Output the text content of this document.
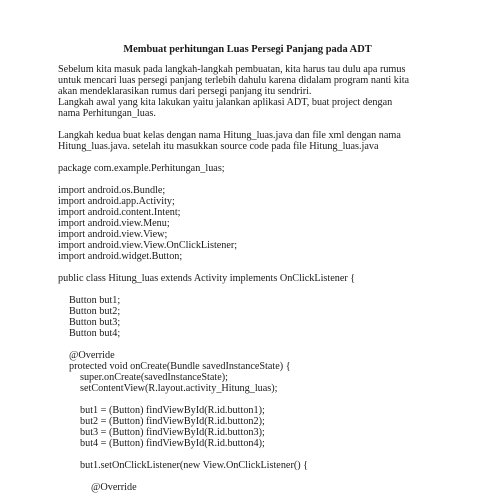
Membuat perhitungan Luas Persegi Panjang pada ADT
Sebelum kita masuk pada langkah-langkah pembuatan, kita harus tau dulu apa rumus
untuk mencari luas persegi panjang terlebih dahulu karena didalam program nanti kita
akan mendeklarasikan rumus dari persegi panjang itu sendriri.
Langkah awal yang kita lakukan yaitu jalankan aplikasi ADT, buat project dengan
nama Perhitungan_luas.
Langkah kedua buat kelas dengan nama Hitung_luas.java dan file xml dengan nama
Hitung_luas.java. setelah itu masukkan source code pada file Hitung_luas.java
package com.example.Perhitungan_luas;
import android.os.Bundle;
import android.app.Activity;
import android.content.Intent;
import android.view.Menu;
import android.view.View;
import android.view.View.OnClickListener;
import android.widget.Button;
public class Hitung_luas extends Activity implements OnClickListener {
Button but1;
Button but2;
Button but3;
Button but4;
@Override
protected void onCreate(Bundle savedInstanceState) {
super.onCreate(savedInstanceState);
setContentView(R.layout.activity_Hitung_luas);
but1 = (Button) findViewById(R.id.button1);
but2 = (Button) findViewById(R.id.button2);
but3 = (Button) findViewById(R.id.button3);
but4 = (Button) findViewById(R.id.button4);
but1.setOnClickListener(new View.OnClickListener() {
@Override
